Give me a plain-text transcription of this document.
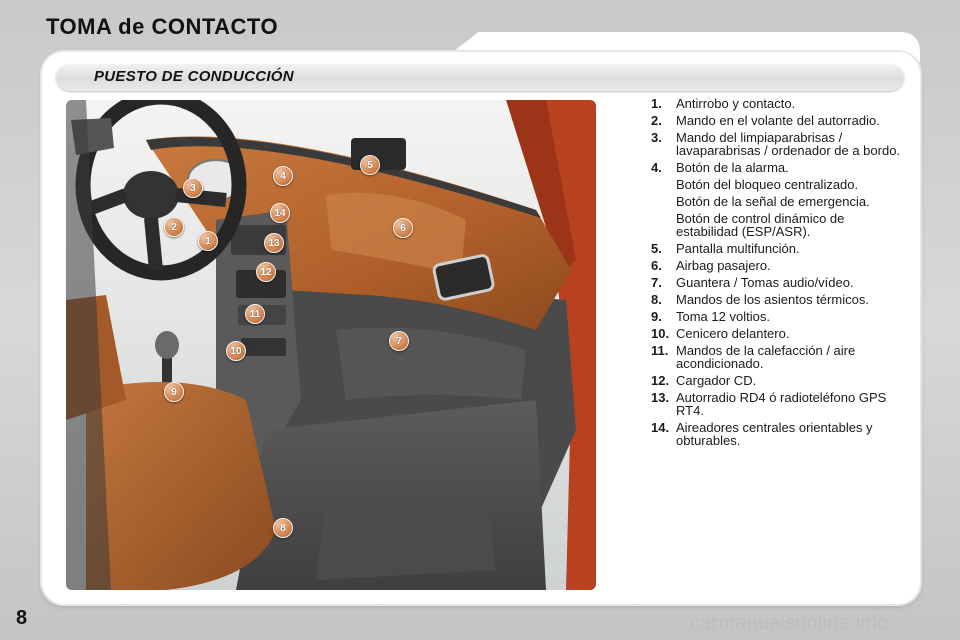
TOMA de CONTACTO
PUESTO DE CONDUCCIÓN
1
2
3
4
5
6
7
8
9
10
11
12
13
14
1.	Antirrobo y contacto.
2.	Mando en el volante del autorradio.
3.	Mando del limpiaparabrisas / lavaparabrisas / ordenador de a bordo.
4.	Botón de la alarma.
Botón del bloqueo centralizado.
Botón de la señal de emergencia.
Botón de control dinámico de estabilidad (ESP/ASR).
5.	Pantalla multifunción.
6.	Airbag pasajero.
7.	Guantera / Tomas audio/vídeo.
8.	Mandos de los asientos térmicos.
9.	Toma 12 voltios.
10. Cenicero delantero.
11. Mandos de la calefacción / aire acondicionado.
12. Cargador CD.
13. Autorradio RD4 ó radioteléfono GPS RT4.
14. Aireadores centrales orientables y obturables.
8	carmanualsonline.info
